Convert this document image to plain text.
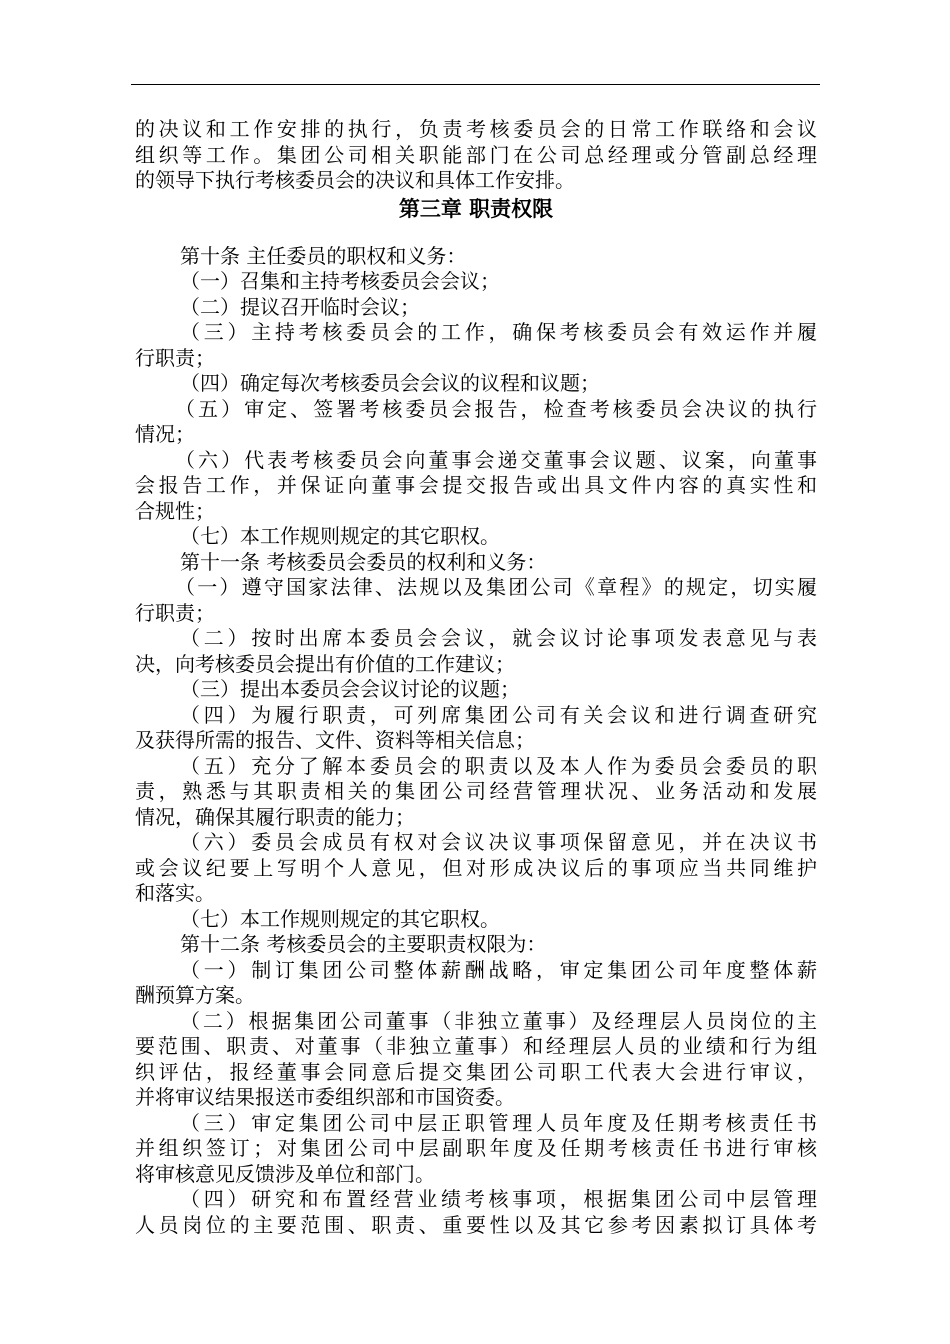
的决议和工作安排的执行，负责考核委员会的日常工作联络和会议
组织等工作。集团公司相关职能部门在公司总经理或分管副总经理
的领导下执行考核委员会的决议和具体工作安排。
第三章 职责权限
第十条 主任委员的职权和义务：
（一）召集和主持考核委员会会议；
（二）提议召开临时会议；
（三）主持考核委员会的工作，确保考核委员会有效运作并履
行职责；
（四）确定每次考核委员会会议的议程和议题；
（五）审定、签署考核委员会报告，检查考核委员会决议的执行
情况；
（六）代表考核委员会向董事会递交董事会议题、议案，向董事
会报告工作，并保证向董事会提交报告或出具文件内容的真实性和
合规性；
（七）本工作规则规定的其它职权。
第十一条 考核委员会委员的权利和义务：
（一）遵守国家法律、法规以及集团公司《章程》的规定，切实履
行职责；
（二）按时出席本委员会会议，就会议讨论事项发表意见与表
决，向考核委员会提出有价值的工作建议；
（三）提出本委员会会议讨论的议题；
（四）为履行职责，可列席集团公司有关会议和进行调查研究
及获得所需的报告、文件、资料等相关信息；
（五）充分了解本委员会的职责以及本人作为委员会委员的职
责，熟悉与其职责相关的集团公司经营管理状况、业务活动和发展
情况，确保其履行职责的能力；
（六）委员会成员有权对会议决议事项保留意见，并在决议书
或会议纪要上写明个人意见，但对形成决议后的事项应当共同维护
和落实。
（七）本工作规则规定的其它职权。
第十二条 考核委员会的主要职责权限为：
（一）制订集团公司整体薪酬战略，审定集团公司年度整体薪
酬预算方案。
（二）根据集团公司董事（非独立董事）及经理层人员岗位的主
要范围、职责、对董事（非独立董事）和经理层人员的业绩和行为组
织评估，报经董事会同意后提交集团公司职工代表大会进行审议，
并将审议结果报送市委组织部和市国资委。
（三）审定集团公司中层正职管理人员年度及任期考核责任书
并组织签订；对集团公司中层副职年度及任期考核责任书进行审核
将审核意见反馈涉及单位和部门。
（四）研究和布置经营业绩考核事项，根据集团公司中层管理
人员岗位的主要范围、职责、重要性以及其它参考因素拟订具体考
